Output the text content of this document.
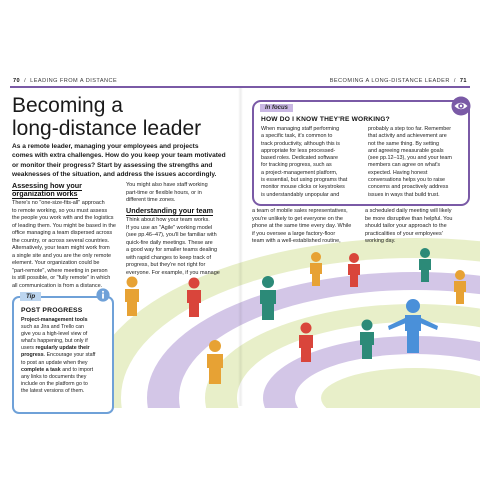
70  /  LEADING FROM A DISTANCE	BECOMING A LONG-DISTANCE LEADER  /  71
Becoming a
long-distance leader

As a remote leader, managing your employees and projects
comes with extra challenges. How do you keep your team motivated
or monitor their progress? Start by assessing the strengths and
weaknesses of the situation, and address the issues accordingly.

Assessing how your
organization works

There's no "one-size-fits-all" approach
to remote working, so you must assess
the people you work with and the logistics
of leading them. You might be based in the
office managing a team dispersed across
the country, or across several countries.
Alternatively, your team might work from
a single site and you are the only remote
element. Your organization could be
"part-remote", where meeting in person
is still possible, or "fully remote" in which
all communication is from a distance.

You might also have staff working
part-time or flexible hours, or in
different time zones.

Understanding your team

Think about how your team works.
If you use an "Agile" working model
(see pp.46–47), you'll be familiar with
quick-fire daily meetings. These are
a good way for smaller teams dealing
with rapid changes to keep track of
progress, but they're not right for
everyone. For example, if you manage

a team of mobile sales representatives,
you're unlikely to get everyone on the
phone at the same time every day. While
if you oversee a large factory-floor
team with a well-established routine,

a scheduled daily meeting will likely
be more disruptive than helpful. You
should tailor your approach to the
practicalities of your employees'
working day.

In focus
HOW DO I KNOW THEY'RE WORKING?

When managing staff performing
a specific task, it's common to
track productivity, although this is
appropriate for less processed-
based roles. Dedicated software
for tracking progress, such as
a project-management platform,
is essential, but using programs that
monitor mouse clicks or keystrokes
is understandably unpopular and

probably a step too far. Remember
that activity and achievement are
not the same thing. By setting
and agreeing measurable goals
(see pp.12–13), you and your team
members can agree on what's
expected. Having honest
conversations helps you to raise
concerns and proactively address
issues in ways that build trust.

Tip
POST PROGRESS

Project-management tools
such as Jira and Trello can
give you a high-level view of
what's happening, but only if
users regularly update their
progress. Encourage your staff
to post an update when they
complete a task and to import
any links to documents they
include on the platform go to
the latest versions of them.
